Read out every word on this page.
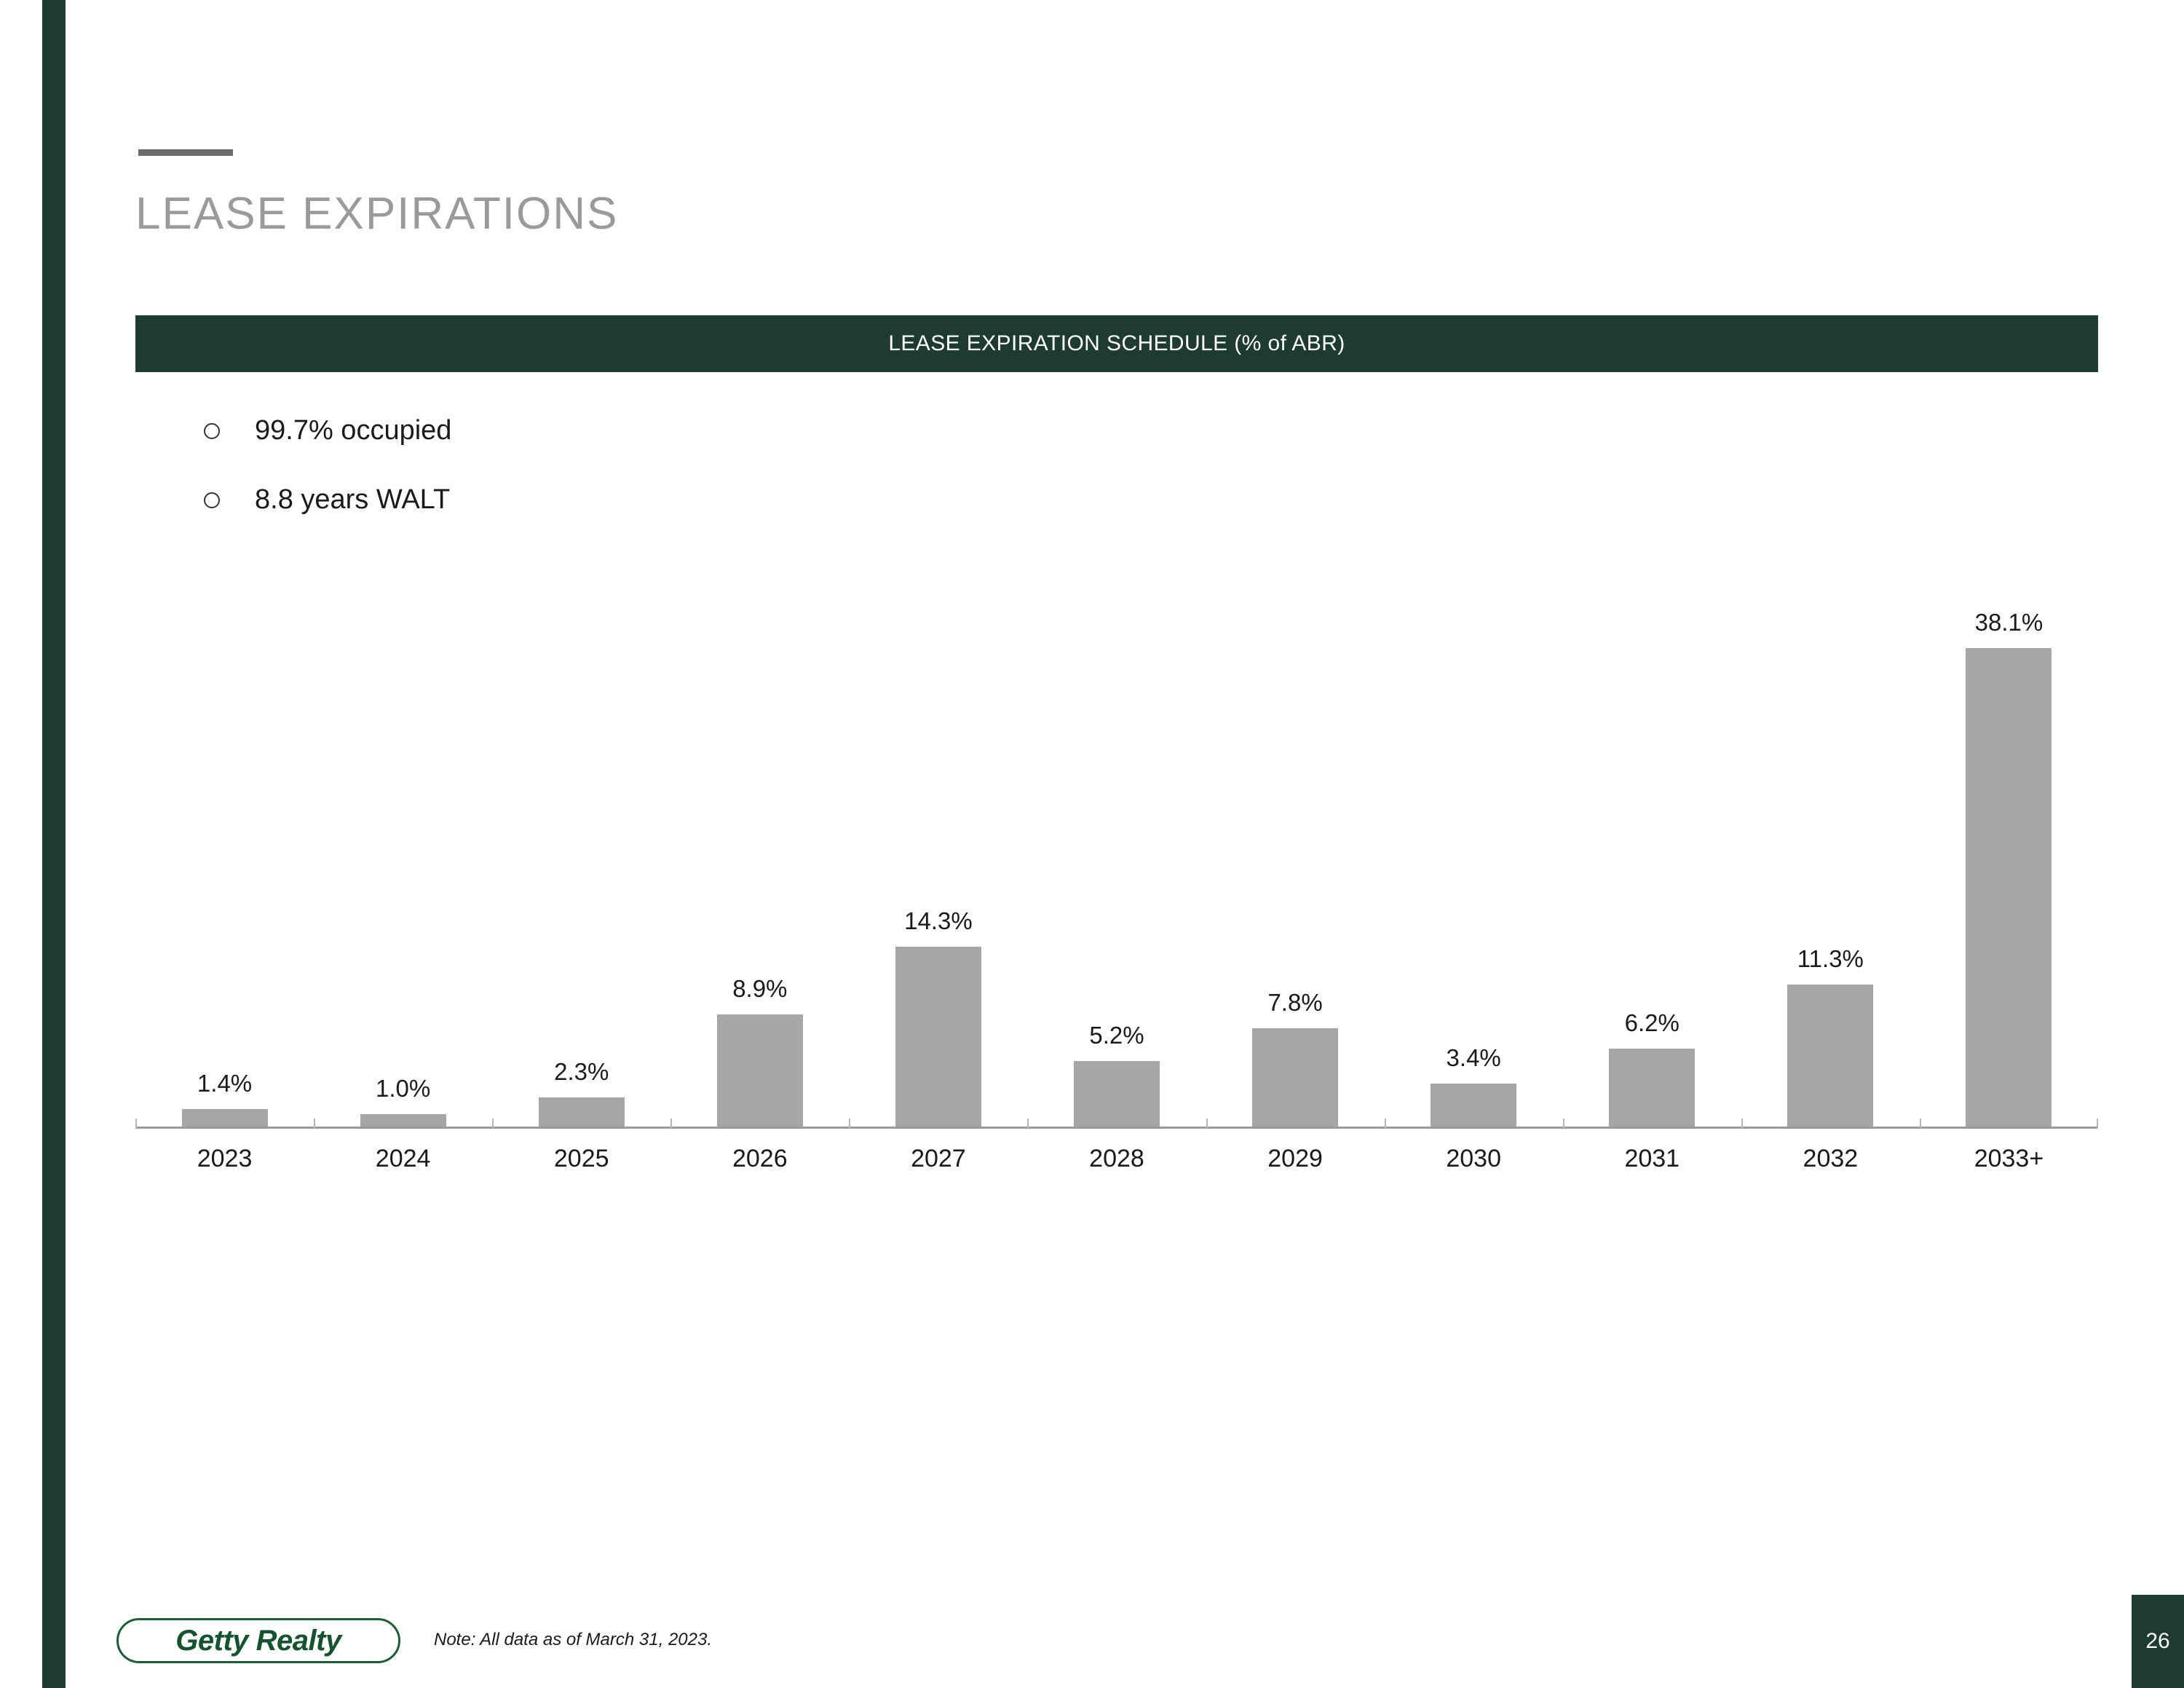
LEASE EXPIRATIONS
LEASE EXPIRATION SCHEDULE (% of ABR)
99.7% occupied
8.8 years WALT
1.4%	1.0%
2.3%
8.9%
14.3%
5.2%
7.8%
3.4%
6.2%
11.3%
38.1%
2023	2024	2025	2026	2027	2028	2029	2030	2031	2032	2033+
Getty Realty	Note: All data as of March 31, 2023.	26
